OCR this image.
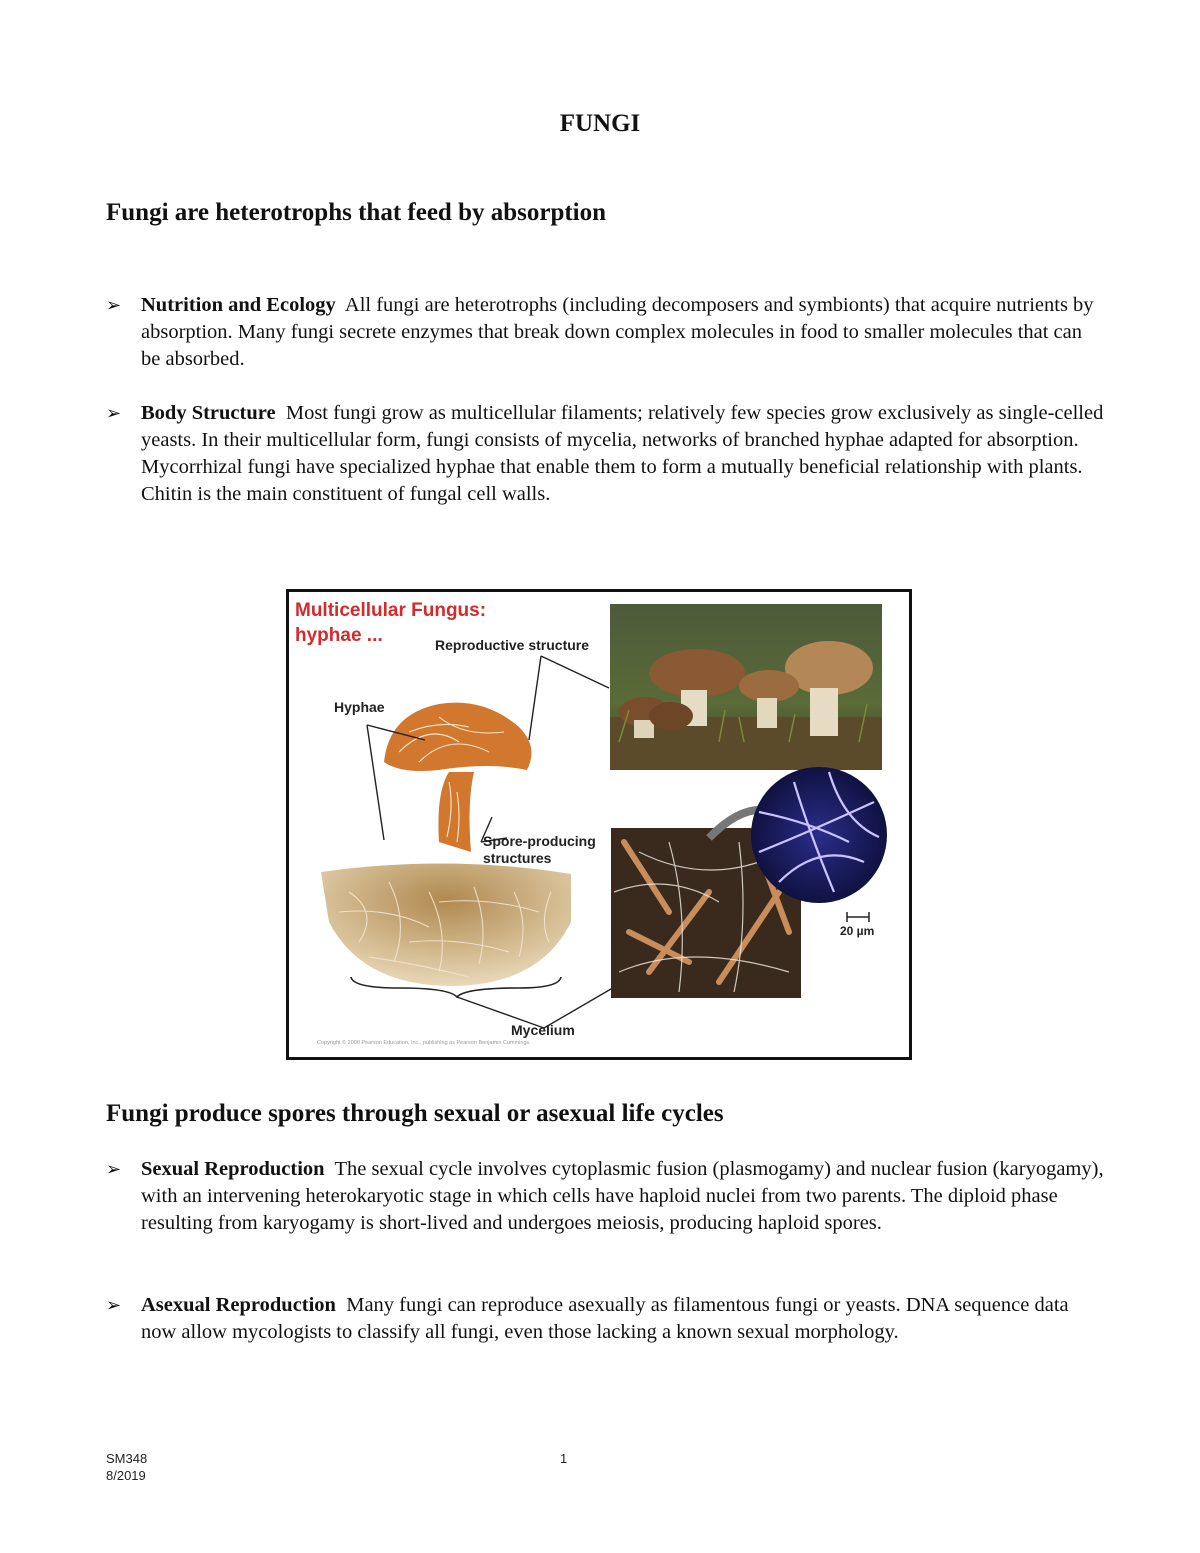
FUNGI
Fungi are heterotrophs that feed by absorption
➢ Nutrition and Ecology All fungi are heterotrophs (including decomposers and symbionts) that acquire nutrients by absorption. Many fungi secrete enzymes that break down complex molecules in food to smaller molecules that can be absorbed.
➢ Body Structure Most fungi grow as multicellular filaments; relatively few species grow exclusively as single-celled yeasts. In their multicellular form, fungi consists of mycelia, networks of branched hyphae adapted for absorption. Mycorrhizal fungi have specialized hyphae that enable them to form a mutually beneficial relationship with plants. Chitin is the main constituent of fungal cell walls.
Multicellular Fungus:
hyphae ...
Copyright © 2008 Pearson Education, Inc., publishing as Pearson Benjamin Cummings.
Reproductive structure
Hyphae
Spore-producing
structures
20 µm
Mycelium
Fungi produce spores through sexual or asexual life cycles
➢ Sexual Reproduction The sexual cycle involves cytoplasmic fusion (plasmogamy) and nuclear fusion (karyogamy), with an intervening heterokaryotic stage in which cells have haploid nuclei from two parents. The diploid phase resulting from karyogamy is short-lived and undergoes meiosis, producing haploid spores.
➢ Asexual Reproduction Many fungi can reproduce asexually as filamentous fungi or yeasts. DNA sequence data now allow mycologists to classify all fungi, even those lacking a known sexual morphology.
SM348
8/2019
1
